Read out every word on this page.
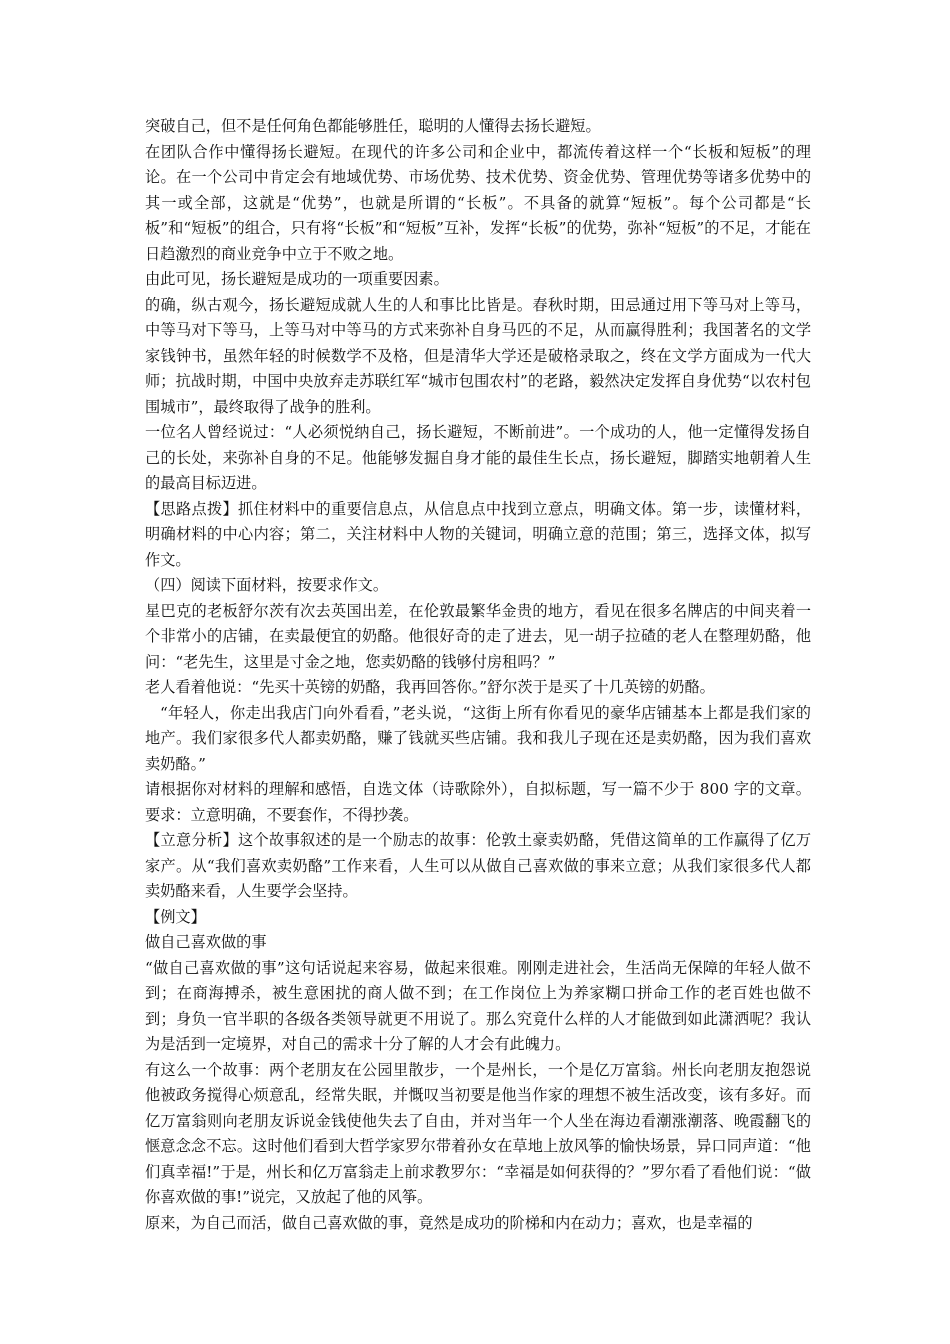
突破自己，但不是任何角色都能够胜任，聪明的人懂得去扬长避短。

在团队合作中懂得扬长避短。在现代的许多公司和企业中，都流传着这样一个“长板和短板”的理论。在一个公司中肯定会有地域优势、市场优势、技术优势、资金优势、管理优势等诸多优势中的其一或全部，这就是“优势”，也就是所谓的“长板”。不具备的就算“短板”。每个公司都是“长板”和“短板”的组合，只有将“长板”和“短板”互补，发挥“长板”的优势，弥补“短板”的不足，才能在日趋激烈的商业竞争中立于不败之地。

由此可见，扬长避短是成功的一项重要因素。

的确，纵古观今，扬长避短成就人生的人和事比比皆是。春秋时期，田忌通过用下等马对上等马，中等马对下等马，上等马对中等马的方式来弥补自身马匹的不足，从而赢得胜利；我国著名的文学家钱钟书，虽然年轻的时候数学不及格，但是清华大学还是破格录取之，终在文学方面成为一代大师；抗战时期，中国中央放弃走苏联红军“城市包围农村”的老路，毅然决定发挥自身优势“以农村包围城市”，最终取得了战争的胜利。

一位名人曾经说过：“人必须悦纳自己，扬长避短，不断前进”。一个成功的人，他一定懂得发扬自己的长处，来弥补自身的不足。他能够发掘自身才能的最佳生长点，扬长避短，脚踏实地朝着人生的最高目标迈进。

【思路点拨】抓住材料中的重要信息点，从信息点中找到立意点，明确文体。第一步，读懂材料，明确材料的中心内容；第二，关注材料中人物的关键词，明确立意的范围；第三，选择文体，拟写作文。

（四）阅读下面材料，按要求作文。

星巴克的老板舒尔茨有次去英国出差，在伦敦最繁华金贵的地方，看见在很多名牌店的中间夹着一个非常小的店铺，在卖最便宜的奶酪。他很好奇的走了进去，见一胡子拉碴的老人在整理奶酪，他问：“老先生，这里是寸金之地，您卖奶酪的钱够付房租吗？”

老人看着他说：“先买十英镑的奶酪，我再回答你。”舒尔茨于是买了十几英镑的奶酪。

“年轻人，你走出我店门向外看看，”老头说，“这街上所有你看见的豪华店铺基本上都是我们家的地产。我们家很多代人都卖奶酪，赚了钱就买些店铺。我和我儿子现在还是卖奶酪，因为我们喜欢卖奶酪。”

请根据你对材料的理解和感悟，自选文体（诗歌除外），自拟标题，写一篇不少于 800 字的文章。要求：立意明确，不要套作，不得抄袭。

【立意分析】这个故事叙述的是一个励志的故事：伦敦土豪卖奶酪，凭借这简单的工作赢得了亿万家产。从“我们喜欢卖奶酪”工作来看，人生可以从做自己喜欢做的事来立意；从我们家很多代人都卖奶酪来看，人生要学会坚持。

【例文】

做自己喜欢做的事

“做自己喜欢做的事”这句话说起来容易，做起来很难。刚刚走进社会，生活尚无保障的年轻人做不到；在商海搏杀，被生意困扰的商人做不到；在工作岗位上为养家糊口拼命工作的老百姓也做不到；身负一官半职的各级各类领导就更不用说了。那么究竟什么样的人才能做到如此潇洒呢？我认为是活到一定境界，对自己的需求十分了解的人才会有此魄力。

有这么一个故事：两个老朋友在公园里散步，一个是州长，一个是亿万富翁。州长向老朋友抱怨说他被政务搅得心烦意乱，经常失眠，并慨叹当初要是他当作家的理想不被生活改变，该有多好。而亿万富翁则向老朋友诉说金钱使他失去了自由，并对当年一个人坐在海边看潮涨潮落、晚霞翻飞的惬意念念不忘。这时他们看到大哲学家罗尔带着孙女在草地上放风筝的愉快场景，异口同声道：“他们真幸福!”于是，州长和亿万富翁走上前求教罗尔：“幸福是如何获得的？”罗尔看了看他们说：“做你喜欢做的事!”说完，又放起了他的风筝。

原来，为自己而活，做自己喜欢做的事，竟然是成功的阶梯和内在动力；喜欢，也是幸福的
